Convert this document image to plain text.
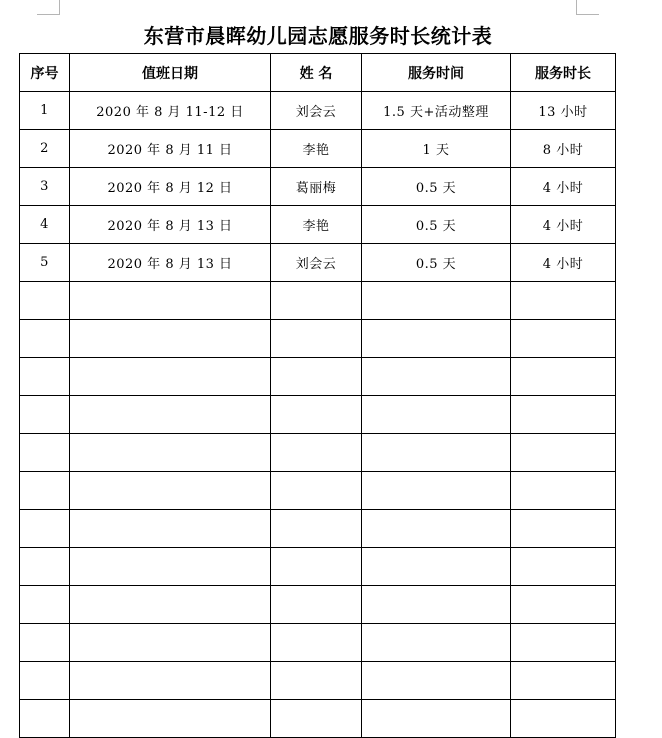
东营市晨晖幼儿园志愿服务时长统计表
序号	值班日期	姓 名	服务时间	服务时长
1	2020 年 8 月 11-12 日	刘会云	1.5 天+活动整理	13 小时
2	2020 年 8 月 11 日	李艳	1 天	8 小时
3	2020 年 8 月 12 日	葛丽梅	0.5 天	4 小时
4	2020 年 8 月 13 日	李艳	0.5 天	4 小时
5	2020 年 8 月 13 日	刘会云	0.5 天	4 小时
